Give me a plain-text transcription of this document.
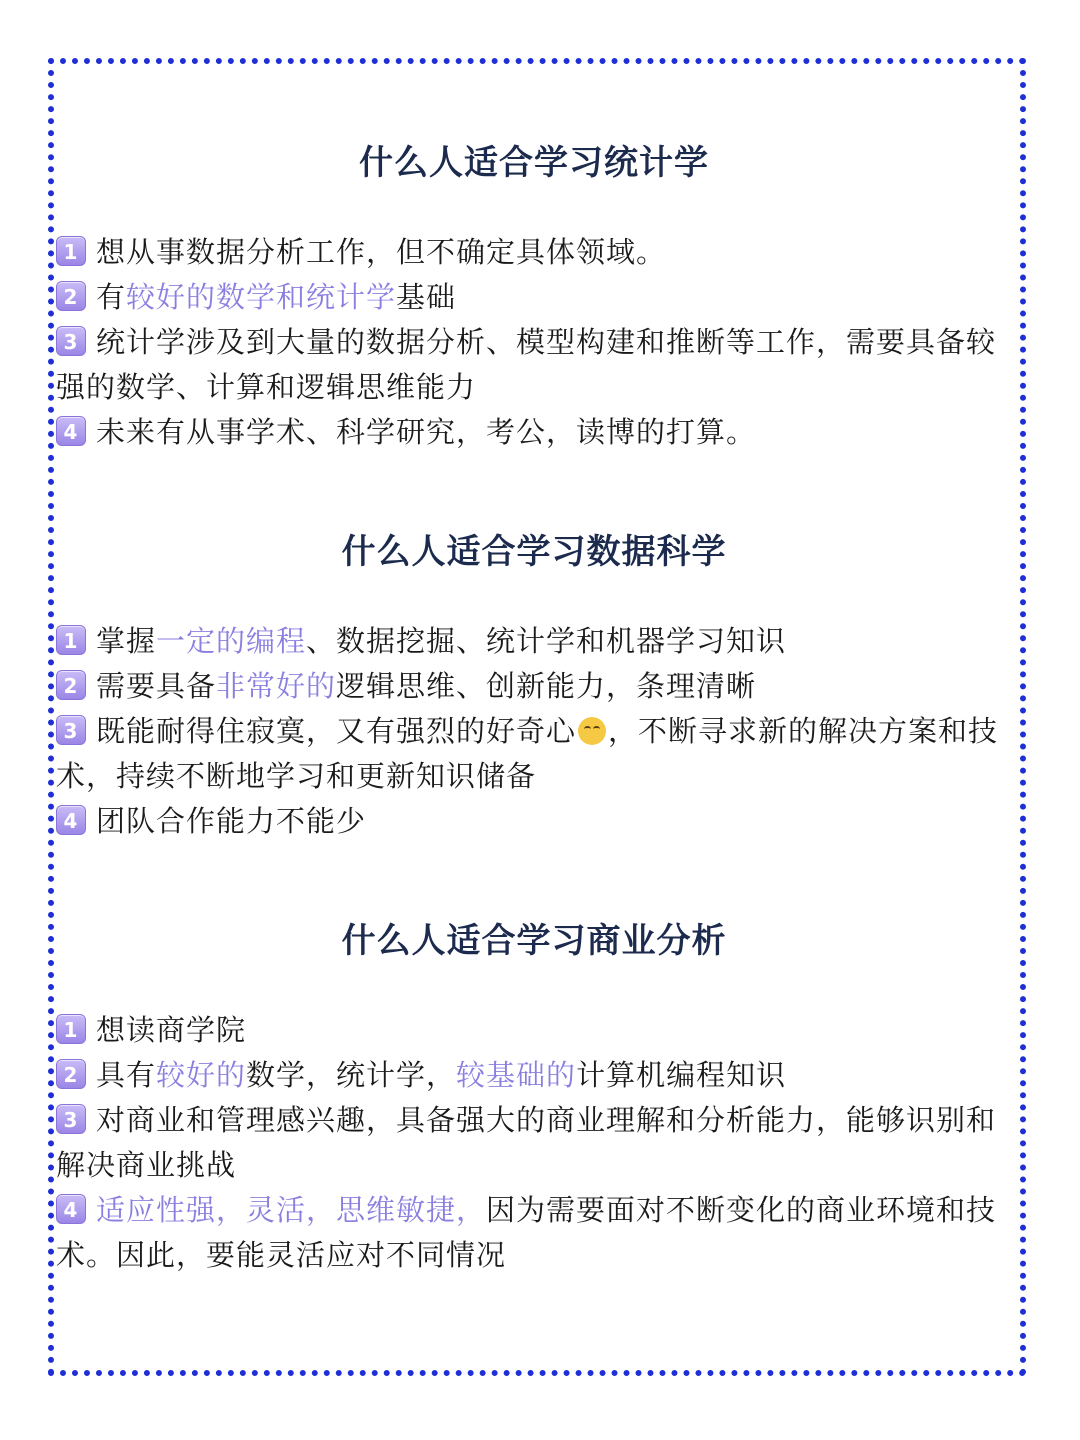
什么人适合学习统计学
1 想从事数据分析工作，但不确定具体领域。
2 有较好的数学和统计学基础
3 统计学涉及到大量的数据分析、模型构建和推断等工作，需要具备较强的数学、计算和逻辑思维能力
4 未来有从事学术、科学研究，考公，读博的打算。
什么人适合学习数据科学
1 掌握一定的编程、数据挖掘、统计学和机器学习知识
2 需要具备非常好的逻辑思维、创新能力，条理清晰
3 既能耐得住寂寞，又有强烈的好奇心 ，不断寻求新的解决方案和技术，持续不断地学习和更新知识储备
4 团队合作能力不能少
什么人适合学习商业分析
1 想读商学院
2 具有较好的数学，统计学，较基础的计算机编程知识
3 对商业和管理感兴趣，具备强大的商业理解和分析能力，能够识别和解决商业挑战
4 适应性强，灵活，思维敏捷，因为需要面对不断变化的商业环境和技术。因此，要能灵活应对不同情况
